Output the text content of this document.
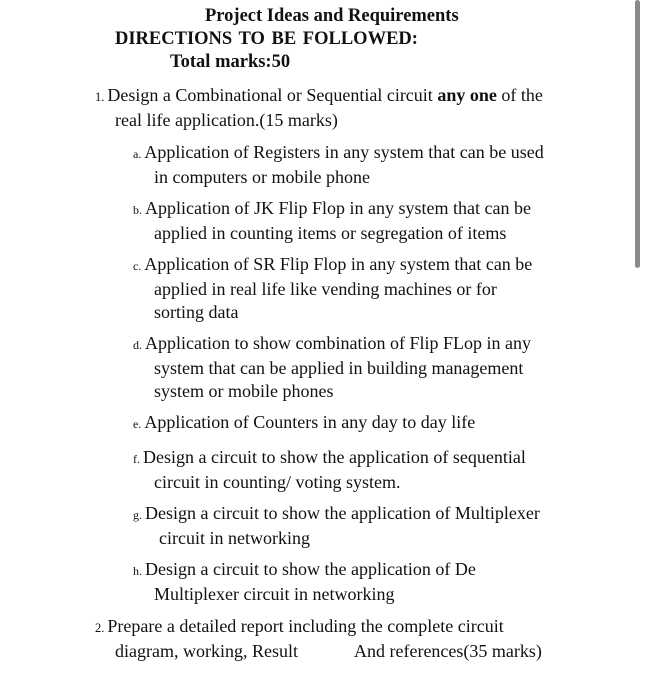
Project Ideas and Requirements
DIRECTIONS TO BE FOLLOWED:
Total marks:50
1. Design a Combinational or Sequential circuit any one of the
real life application.(15 marks)
a. Application of Registers in any system that can be used
in computers or mobile phone
b. Application of JK Flip Flop in any system that can be
applied in counting items or segregation of items
c. Application of SR Flip Flop in any system that can be
applied in real life like vending machines or for
sorting data
d. Application to show combination of Flip FLop in any
system that can be applied in building management
system or mobile phones
e. Application of Counters in any day to day life
f. Design a circuit to show the application of sequential
circuit in counting/ voting system.
g. Design a circuit to show the application of Multiplexer
circuit in networking
h. Design a circuit to show the application of De
Multiplexer circuit in networking
2. Prepare a detailed report including the complete circuit
diagram, working, Result	And references(35 marks)
